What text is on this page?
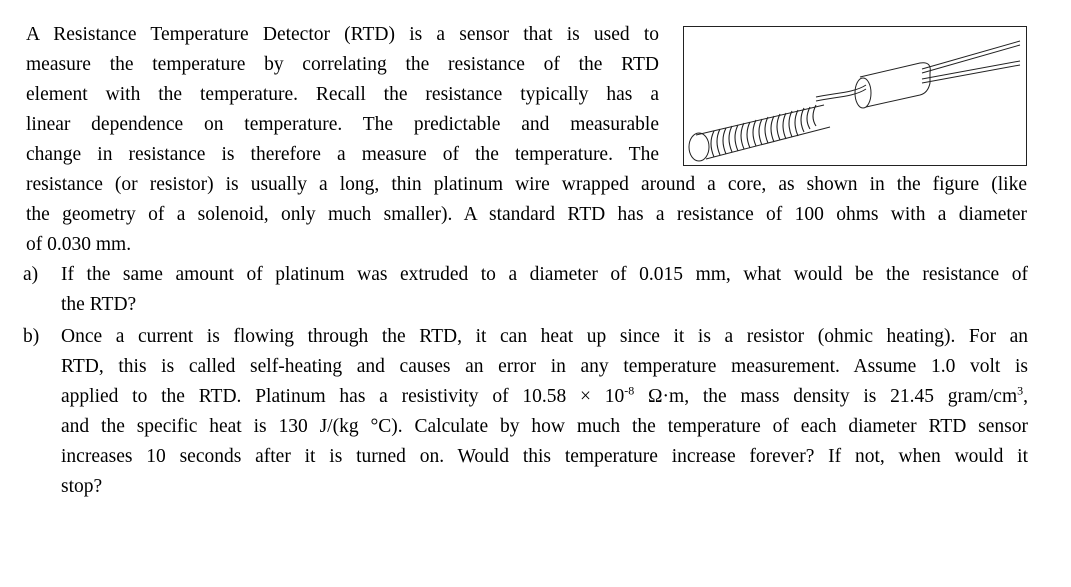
A Resistance Temperature Detector (RTD) is a sensor that is used to
measure the temperature by correlating the resistance of the RTD
element with the temperature. Recall the resistance typically has a
linear dependence on temperature. The predictable and measurable
change in resistance is therefore a measure of the temperature. The
resistance (or resistor) is usually a long, thin platinum wire wrapped around a core, as shown in the figure (like
the geometry of a solenoid, only much smaller). A standard RTD has a resistance of 100 ohms with a diameter
of 0.030 mm.
a) If the same amount of platinum was extruded to a diameter of 0.015 mm, what would be the resistance of
the RTD?
b) Once a current is flowing through the RTD, it can heat up since it is a resistor (ohmic heating). For an
RTD, this is called self-heating and causes an error in any temperature measurement. Assume 1.0 volt is
applied to the RTD. Platinum has a resistivity of $10.58 \times 10^{-8}$ Ω·m, the mass density is 21.45 gram/$cm^3$,
and the specific heat is 130 J/(kg °C). Calculate by how much the temperature of each diameter RTD sensor
increases 10 seconds after it is turned on. Would this temperature increase forever? If not, when would it
stop?
